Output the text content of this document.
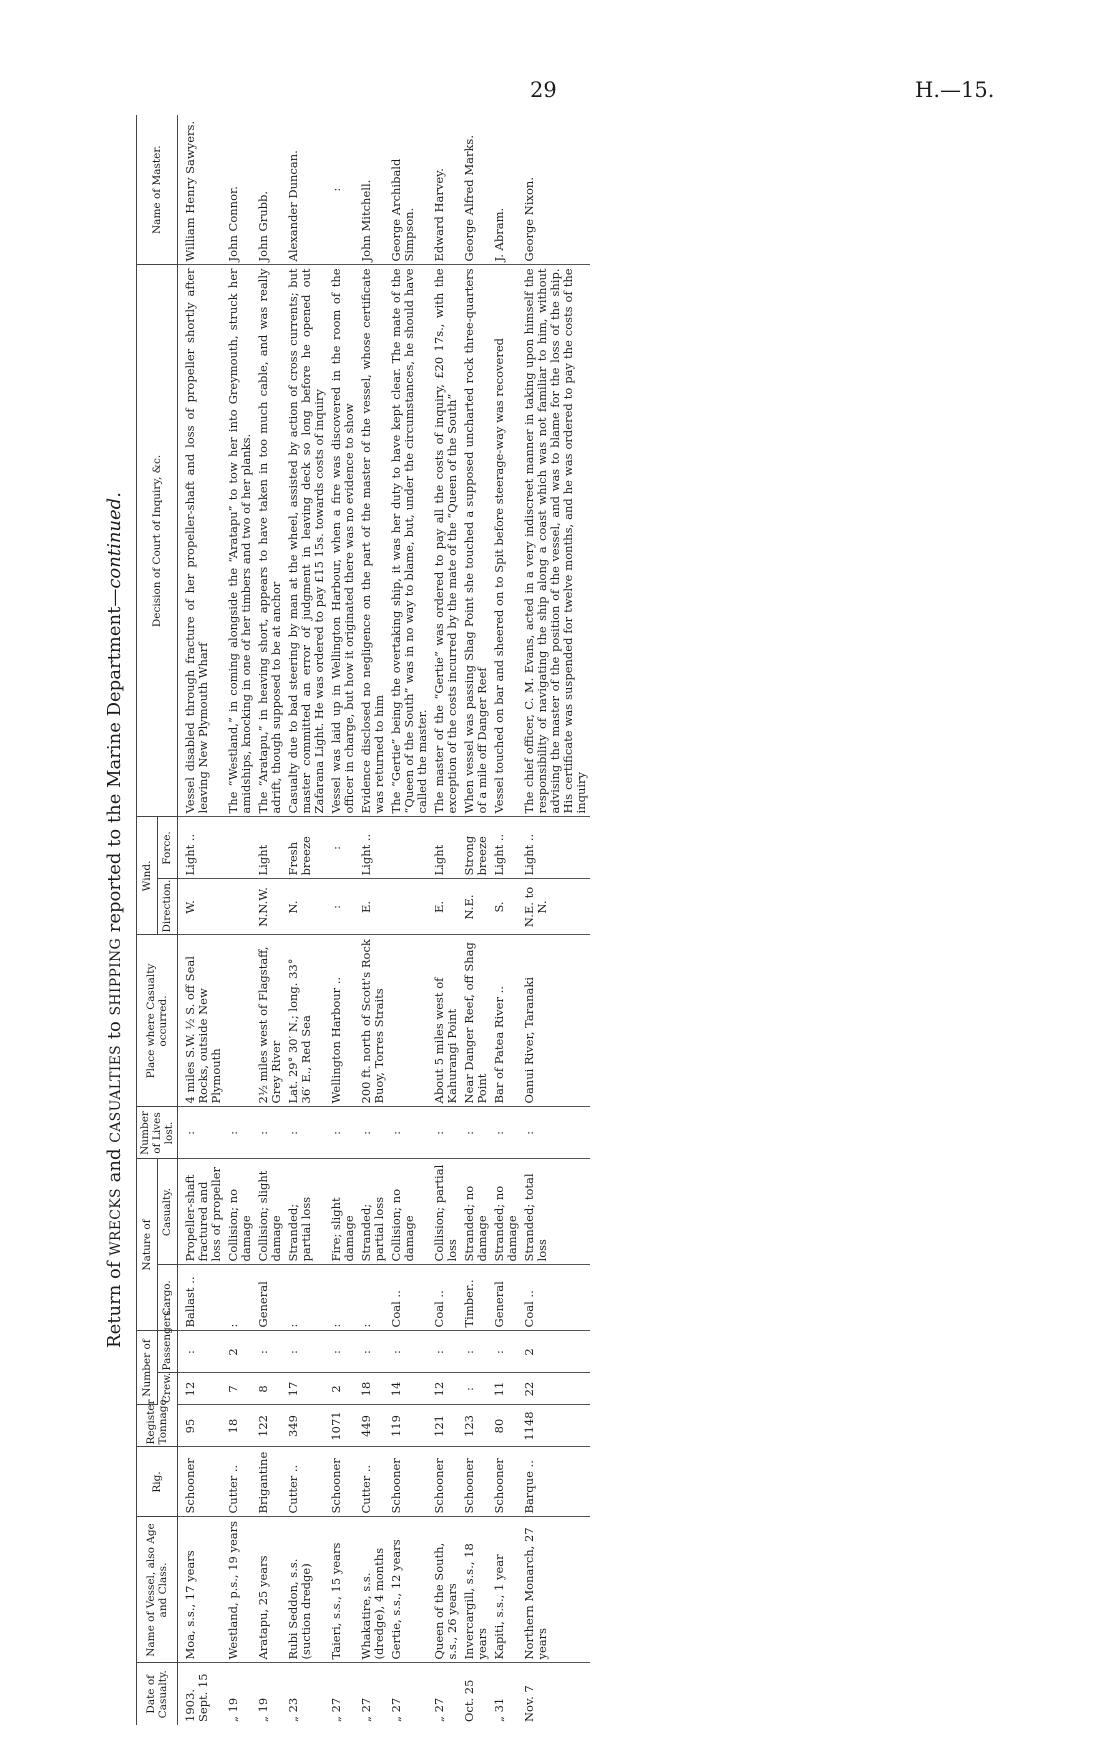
29	H.—15.
Return of WRECKS and CASUALTIES to SHIPPING reported to the Marine Department—continued.
Date of Casualty.	Name of Vessel, also Age and Class.	Rig.	Register Tonnage.	Number of		Nature of		Number of Lives lost.	Place where Casualty occurred.	Wind.		Decision of Court of Inquiry, &c.	Name of Master.
				Crew.	Passengers.	Cargo.	Casualty.			Direction.	Force.		

1903. Sept. 15	Moa, s.s., 17 years	Schooner	95	12	:	Ballast ..	Propeller-shaft fractured and loss of propeller	:	4 miles S.W. ½ S. off Seal Rocks, outside New Plymouth	W.	Light ..	Vessel disabled through fracture of her propeller-shaft and loss of propeller shortly after leaving New Plymouth Wharf	William Henry Sawyers.

„ 19	Westland, p.s., 19 years	Cutter ..	18	7	2	:	Collision; no damage	:				The “Westland,” in coming alongside the “Aratapu” to tow her into Greymouth, struck her amidships, knocking in one of her timbers and two of her planks.	John Connor.

„ 19	Aratapu, 25 years	Brigantine	122	8	:	General	Collision; slight damage	:	2½ miles west of Flagstaff, Grey River	N.N.W.	Light	The “Aratapu,” in heaving short, appears to have taken in too much cable, and was really adrift, though supposed to be at anchor	John Grubb.

„ 23	Rubi Seddon, s.s. (suction dredge)	Cutter ..	349	17	:	:	Stranded; partial loss	:	Lat. 29° 30′ N.; long. 33° 36′ E., Red Sea	N.	Fresh breeze	Casualty due to bad steering by man at the wheel, assisted by action of cross currents; but master committed an error of judgment in leaving deck so long before he opened out Zafarana Light. He was ordered to pay £15 15s. towards costs of inquiry	Alexander Duncan.

„ 27	Taieri, s.s., 15 years	Schooner	1071	2	:	:	Fire; slight damage	:	Wellington Harbour ..	:	:	Vessel was laid up in Wellington Harbour, when a fire was discovered in the room of the officer in charge, but how it originated there was no evidence to show	:

„ 27	Whakatire, s.s. (dredge), 4 months	Cutter ..	449	18	:	:	Stranded; partial loss	:	200 ft. north of Scott's Rock Buoy, Torres Straits	E.	Light ..	Evidence disclosed no negligence on the part of the master of the vessel, whose certificate was returned to him	John Mitchell.

„ 27	Gertie, s.s., 12 years	Schooner	119	14	:	Coal ..	Collision; no damage	:				The “Gertie” being the overtaking ship, it was her duty to have kept clear. The mate of the “Queen of the South” was in no way to blame, but, under the circumstances, he should have called the master.	George Archibald Simpson.

„ 27	Queen of the South, s.s., 26 years	Schooner	121	12	:	Coal ..	Collision; partial loss	:	About 5 miles west of Kahurangi Point	E.	Light	The master of the “Gertie” was ordered to pay all the costs of inquiry, £20 17s., with the exception of the costs incurred by the mate of the “Queen of the South”	Edward Harvey.

Oct. 25	Invercargill, s.s., 18 years	Schooner	123	:	:	Timber..	Stranded; no damage	:	Near Danger Reef, off Shag Point	N.E.	Strong breeze	When vessel was passing Shag Point she touched a supposed uncharted rock three-quarters of a mile off Danger Reef	George Alfred Marks.

„ 31	Kapiti, s.s., 1 year	Schooner	80	11	:	General	Stranded; no damage	:	Bar of Patea River ..	S.	Light ..	Vessel touched on bar and sheered on to Spit before steerage-way was recovered	J. Abram.

Nov. 7	Northern Monarch, 27 years	Barque ..	1148	22	2	Coal ..	Stranded; total loss	:	Oanui River, Taranaki	N.E. to N.	Light ..	The chief officer, C. M. Evans, acted in a very indiscreet manner in taking upon himself the responsibility of navigating the ship along a coast which was not familiar to him, without advising the master of the position of the vessel, and was to blame for the loss of the ship. His certificate was suspended for twelve months, and he was ordered to pay the costs of the inquiry	George Nixon.
